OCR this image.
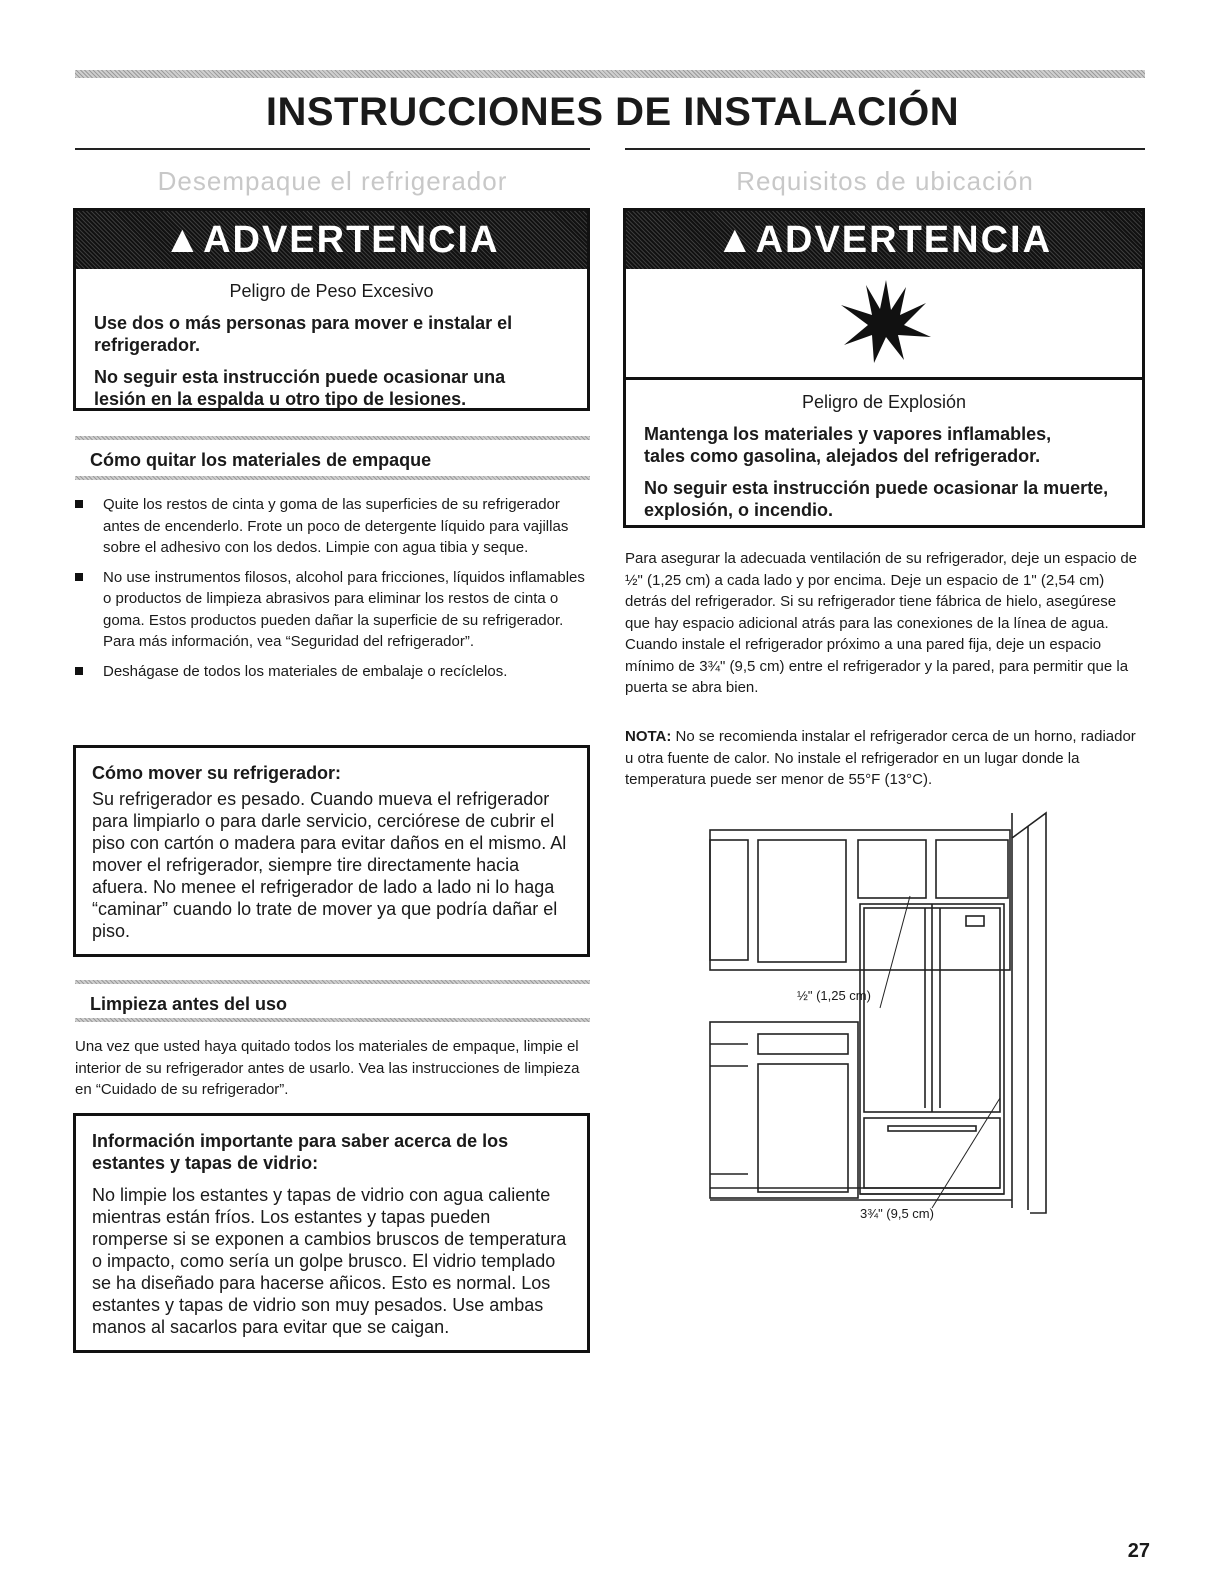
INSTRUCCIONES DE INSTALACIÓN
Desempaque el refrigerador
▲ADVERTENCIA
Peligro de Peso Excesivo
Use dos o más personas para mover e instalar el refrigerador.
No seguir esta instrucción puede ocasionar una lesión en la espalda u otro tipo de lesiones.
Cómo quitar los materiales de empaque
Quite los restos de cinta y goma de las superficies de su refrigerador antes de encenderlo. Frote un poco de detergente líquido para vajillas sobre el adhesivo con los dedos. Limpie con agua tibia y seque.
No use instrumentos filosos, alcohol para fricciones, líquidos inflamables o productos de limpieza abrasivos para eliminar los restos de cinta o goma. Estos productos pueden dañar la superficie de su refrigerador. Para más información, vea “Seguridad del refrigerador”.
Deshágase de todos los materiales de embalaje o recíclelos.
Cómo mover su refrigerador:
Su refrigerador es pesado. Cuando mueva el refrigerador para limpiarlo o para darle servicio, cerciórese de cubrir el piso con cartón o madera para evitar daños en el mismo. Al mover el refrigerador, siempre tire directamente hacia afuera. No menee el refrigerador de lado a lado ni lo haga “caminar” cuando lo trate de mover ya que podría dañar el piso.
Limpieza antes del uso
Una vez que usted haya quitado todos los materiales de empaque, limpie el interior de su refrigerador antes de usarlo. Vea las instrucciones de limpieza en “Cuidado de su refrigerador”.
Información importante para saber acerca de los estantes y tapas de vidrio:
No limpie los estantes y tapas de vidrio con agua caliente mientras están fríos. Los estantes y tapas pueden romperse si se exponen a cambios bruscos de temperatura o impacto, como sería un golpe brusco. El vidrio templado se ha diseñado para hacerse añicos. Esto es normal. Los estantes y tapas de vidrio son muy pesados. Use ambas manos al sacarlos para evitar que se caigan.
Requisitos de ubicación
▲ADVERTENCIA
Peligro de Explosión
Mantenga los materiales y vapores inflamables, tales como gasolina, alejados del refrigerador.
No seguir esta instrucción puede ocasionar la muerte, explosión, o incendio.
Para asegurar la adecuada ventilación de su refrigerador, deje un espacio de ½" (1,25 cm) a cada lado y por encima. Deje un espacio de 1" (2,54 cm) detrás del refrigerador. Si su refrigerador tiene fábrica de hielo, asegúrese que hay espacio adicional atrás para las conexiones de la línea de agua. Cuando instale el refrigerador próximo a una pared fija, deje un espacio mínimo de 3¾" (9,5 cm) entre el refrigerador y la pared, para permitir que la puerta se abra bien.
NOTA: No se recomienda instalar el refrigerador cerca de un horno, radiador u otra fuente de calor. No instale el refrigerador en un lugar donde la temperatura puede ser menor de 55°F (13°C).
½" (1,25 cm)
3¾" (9,5 cm)
27
